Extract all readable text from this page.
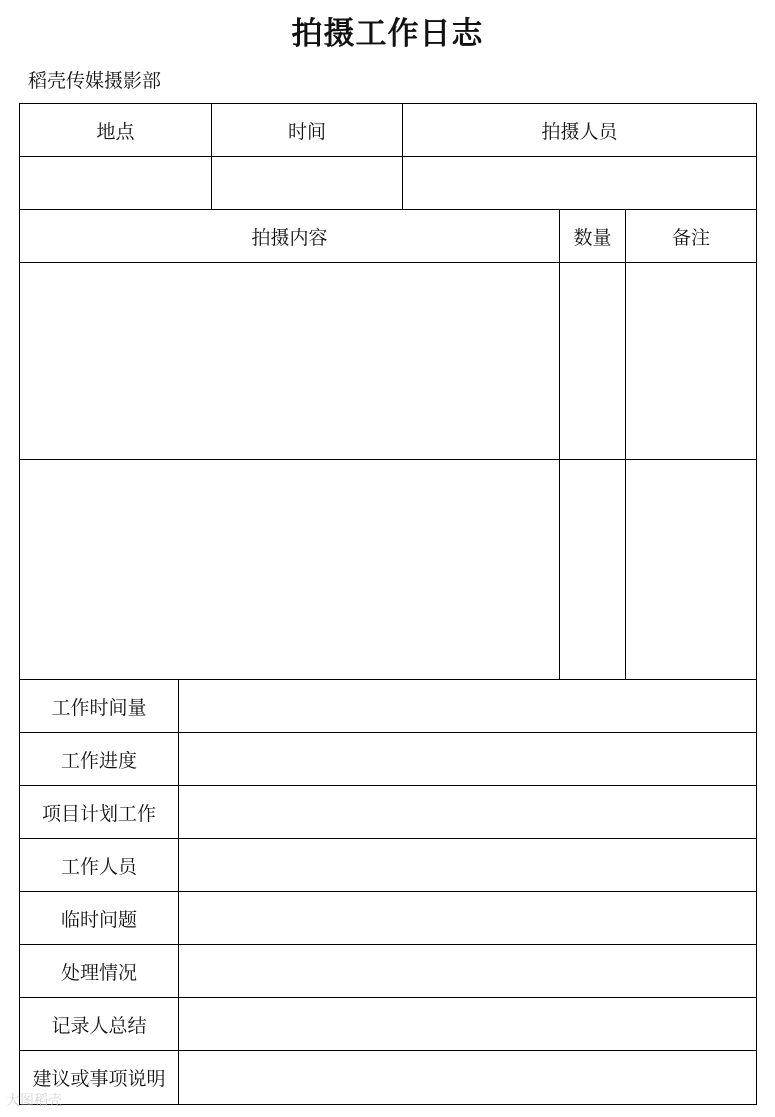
拍摄工作日志
稻壳传媒摄影部
地点	时间	拍摄人员
拍摄内容	数量	备注
工作时间量
工作进度
项目计划工作
工作人员
临时问题
处理情况
记录人总结
建议或事项说明
大图稻壳
